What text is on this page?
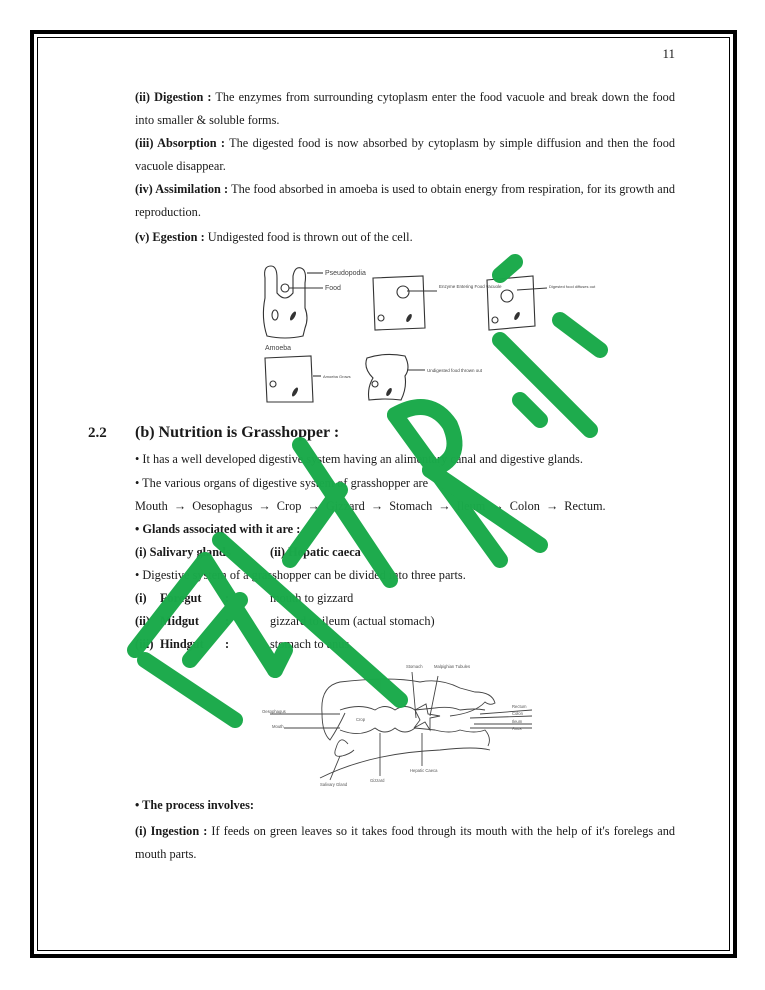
11
(ii) Digestion : The enzymes from surrounding cytoplasm enter the food vacuole and break down the food into smaller & soluble forms.
(iii) Absorption : The digested food is now absorbed by cytoplasm by simple diffusion and then the food vacuole disappear.
(iv) Assimilation : The food absorbed in amoeba is used to obtain energy from respiration, for its growth and reproduction.
(v) Egestion : Undigested food is thrown out of the cell.
Pseudopodia
Food
Amoeba
Enzyme Entering Food vacuole	Digested food diffuses out
Amoeba Grows
Undigested food thrown out
2.2 (b) Nutrition is Grasshopper :
• It has a well developed digestive system having an alimentary canal and digestive glands.
• The various organs of digestive system of grasshopper are
Mouth → Oesophagus → Crop → Gizzard → Stomach → Ileum → Colon → Rectum.
• Glands associated with it are :
(i) Salivary glands	(ii) Hepatic caeca
• Digestive system of a grasshopper can be divided into three parts.
(i) Foregut :	mouth to gizzard
(ii) Midgut :	gizzard to ileum (actual stomach)
(iii) Hindgut :	stomach to anus.
Stomach	Malpighian Tubules
Oesophagus
Mouth
Crop
Rectum
Colon
Ileum
Anus
Gizzard
Hepatic Caeca
Salivary Gland
• The process involves:
(i) Ingestion : If feeds on green leaves so it takes food through its mouth with the help of it's forelegs and mouth parts.
